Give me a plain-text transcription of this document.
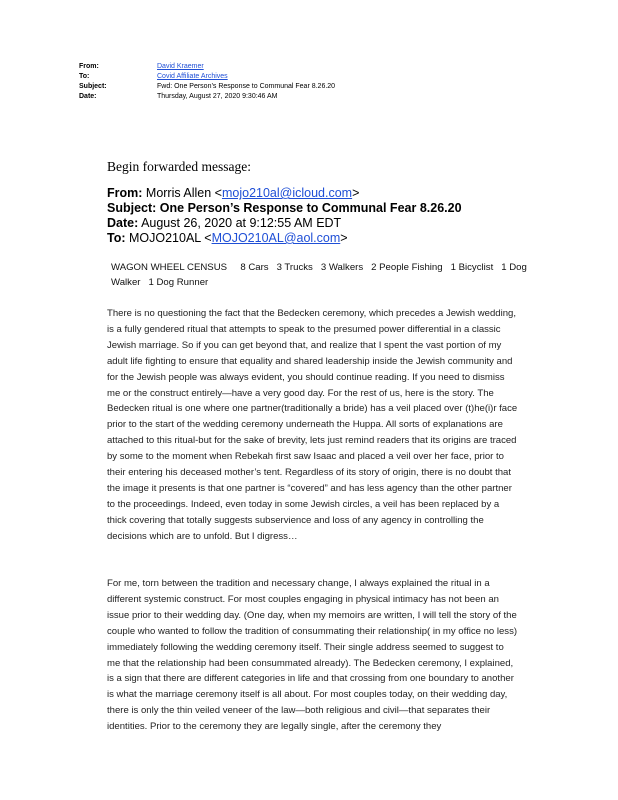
From:	David Kraemer
To:	Covid Affiliate Archives
Subject:	Fwd: One Person’s Response to Communal Fear 8.26.20
Date:	Thursday, August 27, 2020 9:30:46 AM
Begin forwarded message:
From: Morris Allen <mojo210al@icloud.com>
Subject: One Person’s Response to Communal Fear 8.26.20
Date: August 26, 2020 at 9:12:55 AM EDT
To: MOJO210AL <MOJO210AL@aol.com>
WAGON WHEEL CENSUS     8 Cars   3 Trucks   3 Walkers   2 People Fishing   1 Bicyclist   1 Dog Walker   1 Dog Runner

There is no questioning the fact that the Bedecken ceremony, which precedes a Jewish wedding, is a fully gendered ritual that attempts to speak to the presumed power differential in a classic Jewish marriage. So if you can get beyond that, and realize that I spent the vast portion of my adult life fighting to ensure that equality and shared leadership inside the Jewish community and for the Jewish people was always evident, you should continue reading. If you need to dismiss me or the construct entirely—have a very good day. For the rest of us, here is the story. The Bedecken ritual is one where one partner(traditionally a bride) has a veil placed over (t)he(i)r face prior to the start of the wedding ceremony underneath the Huppa. All sorts of explanations are attached to this ritual-but for the sake of brevity, lets just remind readers that its origins are traced by some to the moment when Rebekah first saw Isaac and placed a veil over her face, prior to their entering his deceased mother’s tent. Regardless of its story of origin, there is no doubt that the image it presents is that one partner is “covered” and has less agency than the other partner to the proceedings. Indeed, even today in some Jewish circles, a veil has been replaced by a thick covering that totally suggests subservience and loss of any agency in controlling the decisions which are to unfold. But I digress…

For me, torn between the tradition and necessary change, I always explained the ritual in a different systemic construct. For most couples engaging in physical intimacy has not been an issue prior to their wedding day. (One day, when my memoirs are written, I will tell the story of the couple who wanted to follow the tradition of consummating their relationship( in my office no less) immediately following the wedding ceremony itself. Their single address seemed to suggest to me that the relationship had been consummated already). The Bedecken ceremony, I explained, is a sign that there are different categories in life and that crossing from one boundary to another is what the marriage ceremony itself is all about. For most couples today, on their wedding day, there is only the thin veiled veneer of the law—both religious and civil—that separates their identities. Prior to the ceremony they are legally single, after the ceremony they
